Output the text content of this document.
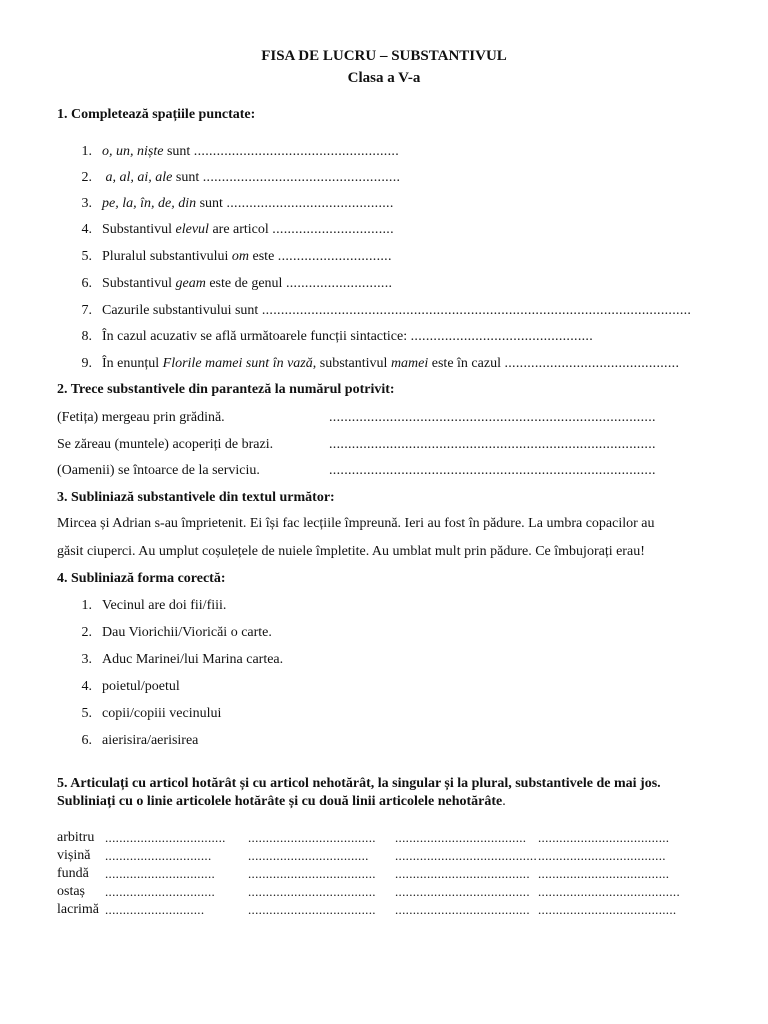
FISA DE LUCRU – SUBSTANTIVUL
Clasa a V-a
1. Completează spațiile punctate:
1. o, un, niște sunt ......................................................
2. a, al, ai, ale sunt ....................................................
3. pe, la, în, de, din sunt ............................................
4. Substantivul elevul are articol ................................
5. Pluralul substantivului om este ..............................
6. Substantivul geam este de genul ............................
7. Cazurile substantivului sunt .................................................................................................................
8. În cazul acuzativ se află următoarele funcții sintactice: ................................................
9. În enunțul Florile mamei sunt în vază, substantivul mamei este în cazul ..............................................
2. Trece substantivele din paranteză la numărul potrivit:
(Fetița) mergeau prin grădină.	......................................................................................
Se zăreau (muntele) acoperiți de brazi.	......................................................................................
(Oamenii) se întoarce de la serviciu.	......................................................................................
3. Subliniază substantivele din textul următor:
Mircea și Adrian s-au împrietenit. Ei își fac lecțiile împreună. Ieri au fost în pădure. La umbra copacilor au
găsit ciuperci. Au umplut coșulețele de nuiele împletite. Au umblat mult prin pădure. Ce îmbujorați erau!
4. Subliniază forma corectă:
1. Vecinul are doi fii/fiii.
2. Dau Viorichii/Vioricăi o carte.
3. Aduc Marinei/lui Marina cartea.
4. poietul/poetul
5. copii/copiii vecinului
6. aierisira/aerisirea
5. Articulați cu articol hotărât și cu articol nehotărât, la singular și la plural, substantivele de mai jos.
Subliniați cu o linie articolele hotărâte și cu două linii articolele nehotărâte.
arbitru .................................. .................................... ..................................... .....................................
vișină ..............................	.................................. ........................................ ....................................
fundă ...............................	.................................... ...................................... .....................................
ostaș ...............................	.................................... ...................................... ........................................
lacrimă ............................	.................................... ...................................... .......................................
